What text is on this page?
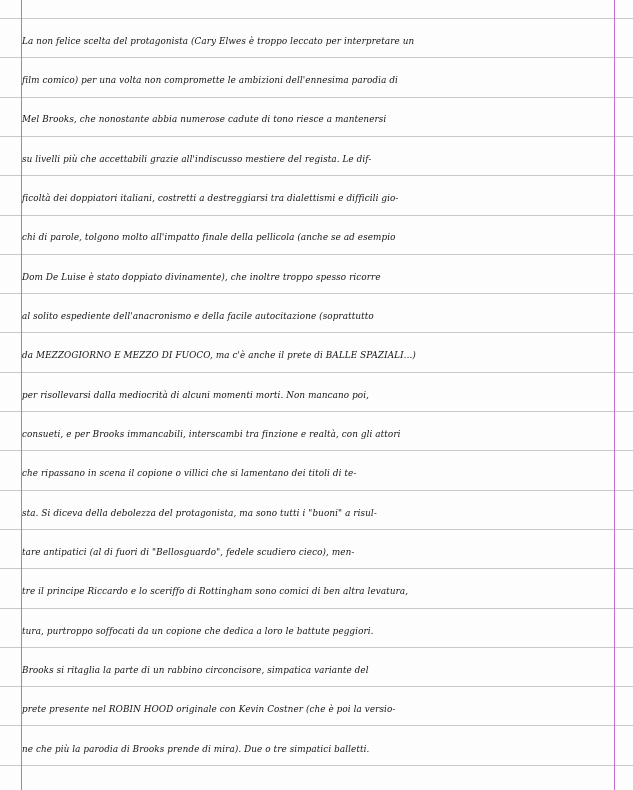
La non felice scelta del protagonista (Cary Elwes è troppo leccato per interpretare un
film comico) per una volta non compromette le ambizioni dell'ennesima parodia di
Mel Brooks, che nonostante abbia numerose cadute di tono riesce a mantenersi
su livelli più che accettabili grazie all'indiscusso mestiere del regista. Le dif-
ficoltà dei doppiatori italiani, costretti a destreggiarsi tra dialettismi e difficili gio-
chi di parole, tolgono molto all'impatto finale della pellicola (anche se ad esempio
Dom De Luise è stato doppiato divinamente), che inoltre troppo spesso ricorre
al solito espediente dell'anacronismo e della facile autocitazione (soprattutto
da MEZZOGIORNO E MEZZO DI FUOCO, ma c'è anche il prete di BALLE SPAZIALI...)
per risollevarsi dalla mediocrità di alcuni momenti morti. Non mancano poi,
consueti, e per Brooks immancabili, interscambi tra finzione e realtà, con gli attori
che ripassano in scena il copione o villici che si lamentano dei titoli di te-
sta. Si diceva della debolezza del protagonista, ma sono tutti i "buoni" a risul-
tare antipatici (al di fuori di "Bellosguardo", fedele scudiero cieco), men-
tre il principe Riccardo e lo sceriffo di Rottingham sono comici di ben altra levatura,
tura, purtroppo soffocati da un copione che dedica a loro le battute peggiori.
Brooks si ritaglia la parte di un rabbino circoncisore, simpatica variante del
prete presente nel ROBIN HOOD originale con Kevin Costner (che è poi la versio-
ne che più la parodia di Brooks prende di mira). Due o tre simpatici balletti.
